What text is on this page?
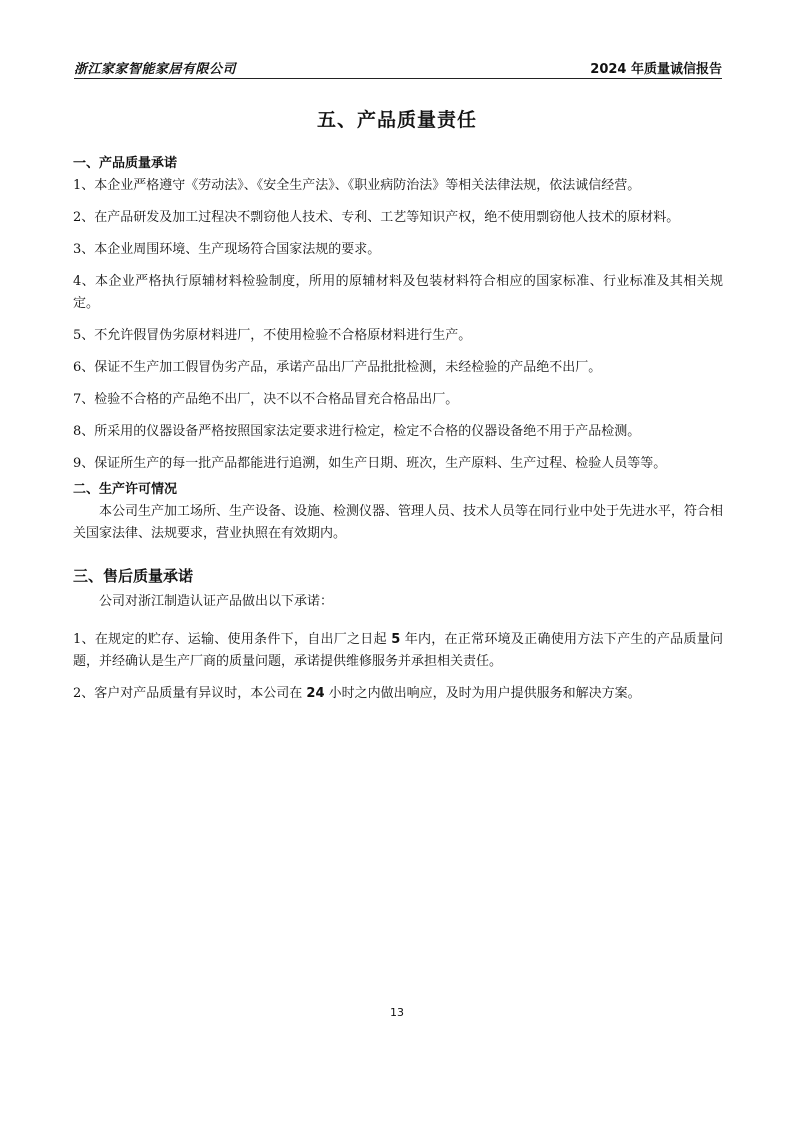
浙江家家智能家居有限公司	2024 年质量诚信报告
五、产品质量责任

一、产品质量承诺

1、本企业严格遵守《劳动法》、《安全生产法》、《职业病防治法》等相关法律法规，依法诚信经营。

2、在产品研发及加工过程决不剽窃他人技术、专利、工艺等知识产权，绝不使用剽窃他人技术的原材料。

3、本企业周围环境、生产现场符合国家法规的要求。

4、本企业严格执行原辅材料检验制度，所用的原辅材料及包装材料符合相应的国家标准、行业标准及其相关规定。

5、不允许假冒伪劣原材料进厂，不使用检验不合格原材料进行生产。

6、保证不生产加工假冒伪劣产品，承诺产品出厂产品批批检测，未经检验的产品绝不出厂。

7、检验不合格的产品绝不出厂，决不以不合格品冒充合格品出厂。

8、所采用的仪器设备严格按照国家法定要求进行检定，检定不合格的仪器设备绝不用于产品检测。

9、保证所生产的每一批产品都能进行追溯，如生产日期、班次，生产原料、生产过程、检验人员等等。

二、生产许可情况

本公司生产加工场所、生产设备、设施、检测仪器、管理人员、技术人员等在同行业中处于先进水平，符合相关国家法律、法规要求，营业执照在有效期内。

三、售后质量承诺

公司对浙江制造认证产品做出以下承诺：

1、在规定的贮存、运输、使用条件下，自出厂之日起 5 年内，在正常环境及正确使用方法下产生的产品质量问题，并经确认是生产厂商的质量问题，承诺提供维修服务并承担相关责任。

2、客户对产品质量有异议时，本公司在 24 小时之内做出响应，及时为用户提供服务和解决方案。

13
